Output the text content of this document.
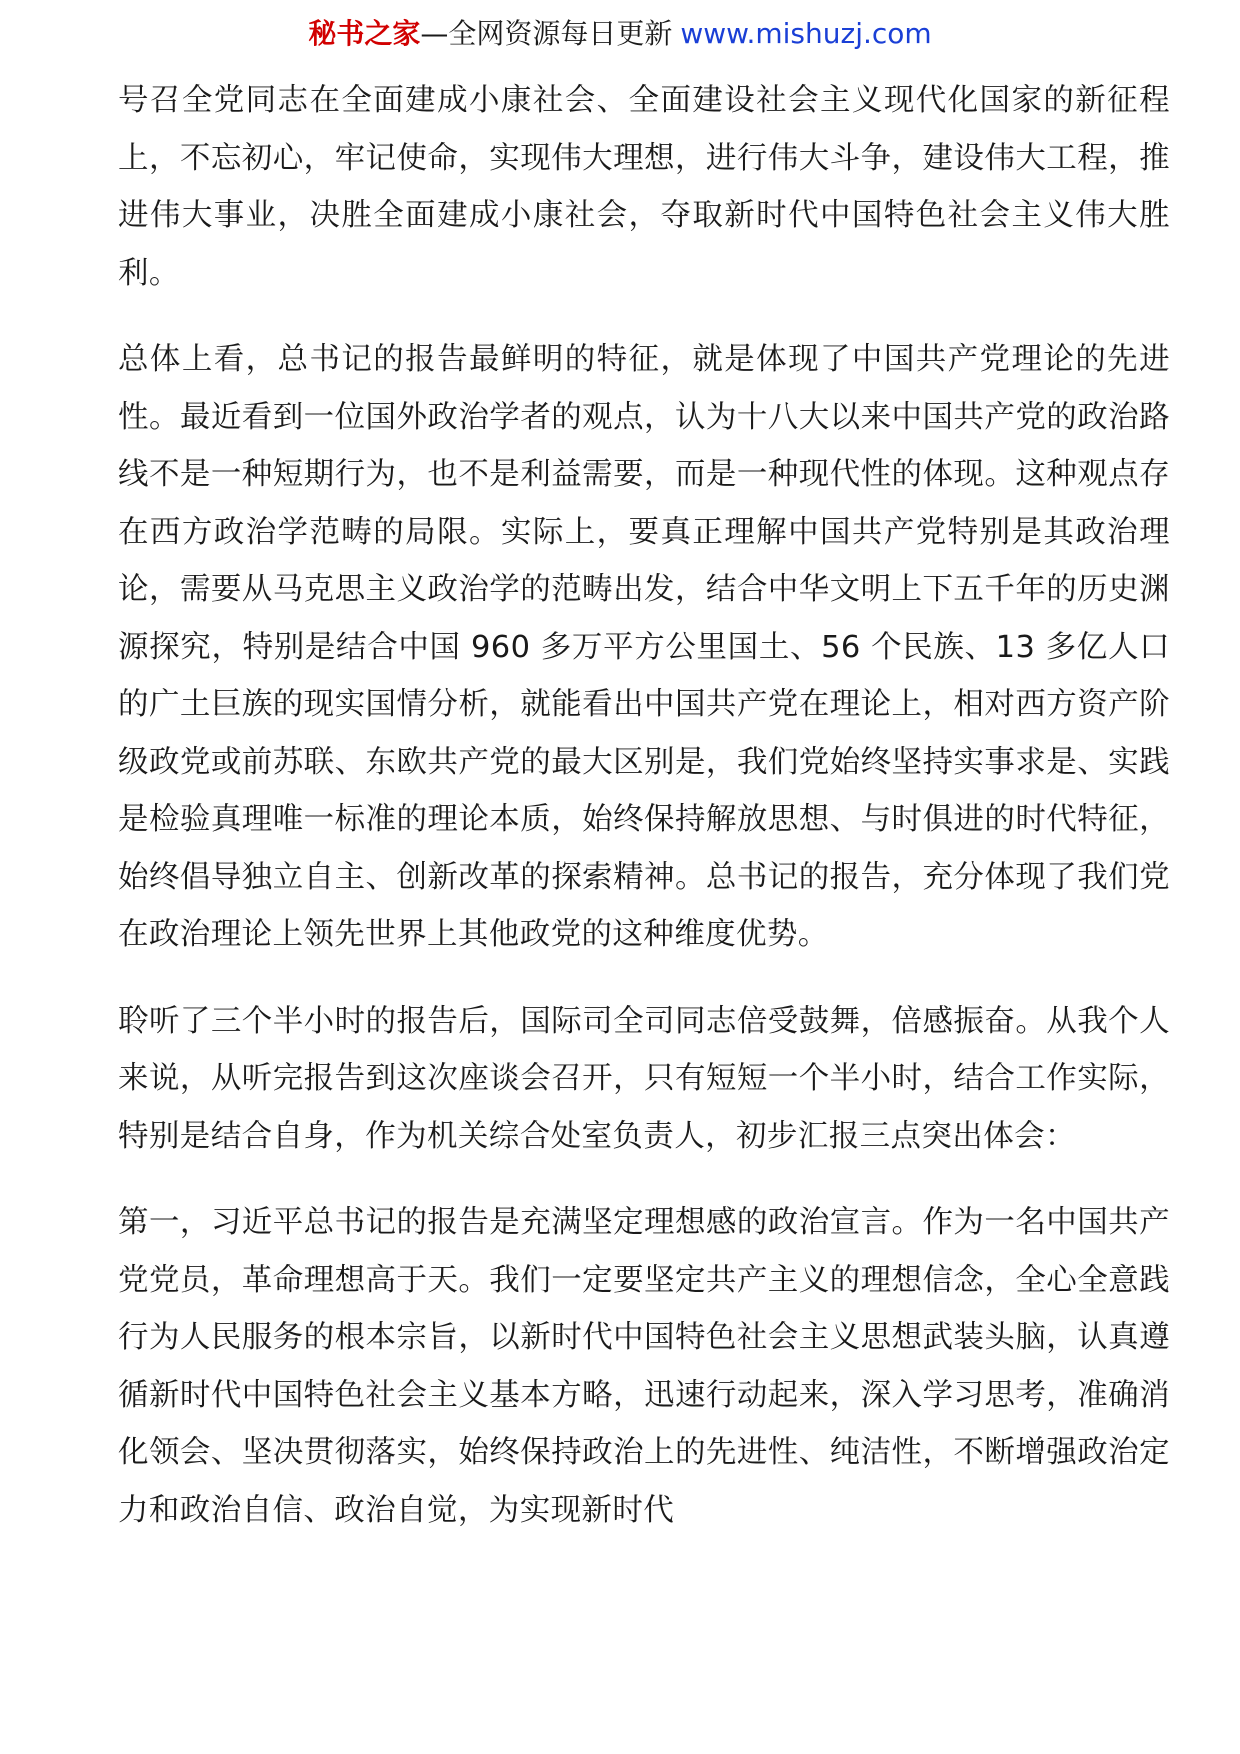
秘书之家—全网资源每日更新 www.mishuzj.com

号召全党同志在全面建成小康社会、全面建设社会主义现代化国家的新征程上，不忘初心，牢记使命，实现伟大理想，进行伟大斗争，建设伟大工程，推进伟大事业，决胜全面建成小康社会，夺取新时代中国特色社会主义伟大胜利。

总体上看，总书记的报告最鲜明的特征，就是体现了中国共产党理论的先进性。最近看到一位国外政治学者的观点，认为十八大以来中国共产党的政治路线不是一种短期行为，也不是利益需要，而是一种现代性的体现。这种观点存在西方政治学范畴的局限。实际上，要真正理解中国共产党特别是其政治理论，需要从马克思主义政治学的范畴出发，结合中华文明上下五千年的历史渊源探究，特别是结合中国 960 多万平方公里国土、56 个民族、13 多亿人口的广土巨族的现实国情分析，就能看出中国共产党在理论上，相对西方资产阶级政党或前苏联、东欧共产党的最大区别是，我们党始终坚持实事求是、实践是检验真理唯一标准的理论本质，始终保持解放思想、与时俱进的时代特征，始终倡导独立自主、创新改革的探索精神。总书记的报告，充分体现了我们党在政治理论上领先世界上其他政党的这种维度优势。

聆听了三个半小时的报告后，国际司全司同志倍受鼓舞，倍感振奋。从我个人来说，从听完报告到这次座谈会召开，只有短短一个半小时，结合工作实际，特别是结合自身，作为机关综合处室负责人，初步汇报三点突出体会：

第一，习近平总书记的报告是充满坚定理想感的政治宣言。作为一名中国共产党党员，革命理想高于天。我们一定要坚定共产主义的理想信念，全心全意践行为人民服务的根本宗旨，以新时代中国特色社会主义思想武装头脑，认真遵循新时代中国特色社会主义基本方略，迅速行动起来，深入学习思考，准确消化领会、坚决贯彻落实，始终保持政治上的先进性、纯洁性，不断增强政治定力和政治自信、政治自觉，为实现新时代
